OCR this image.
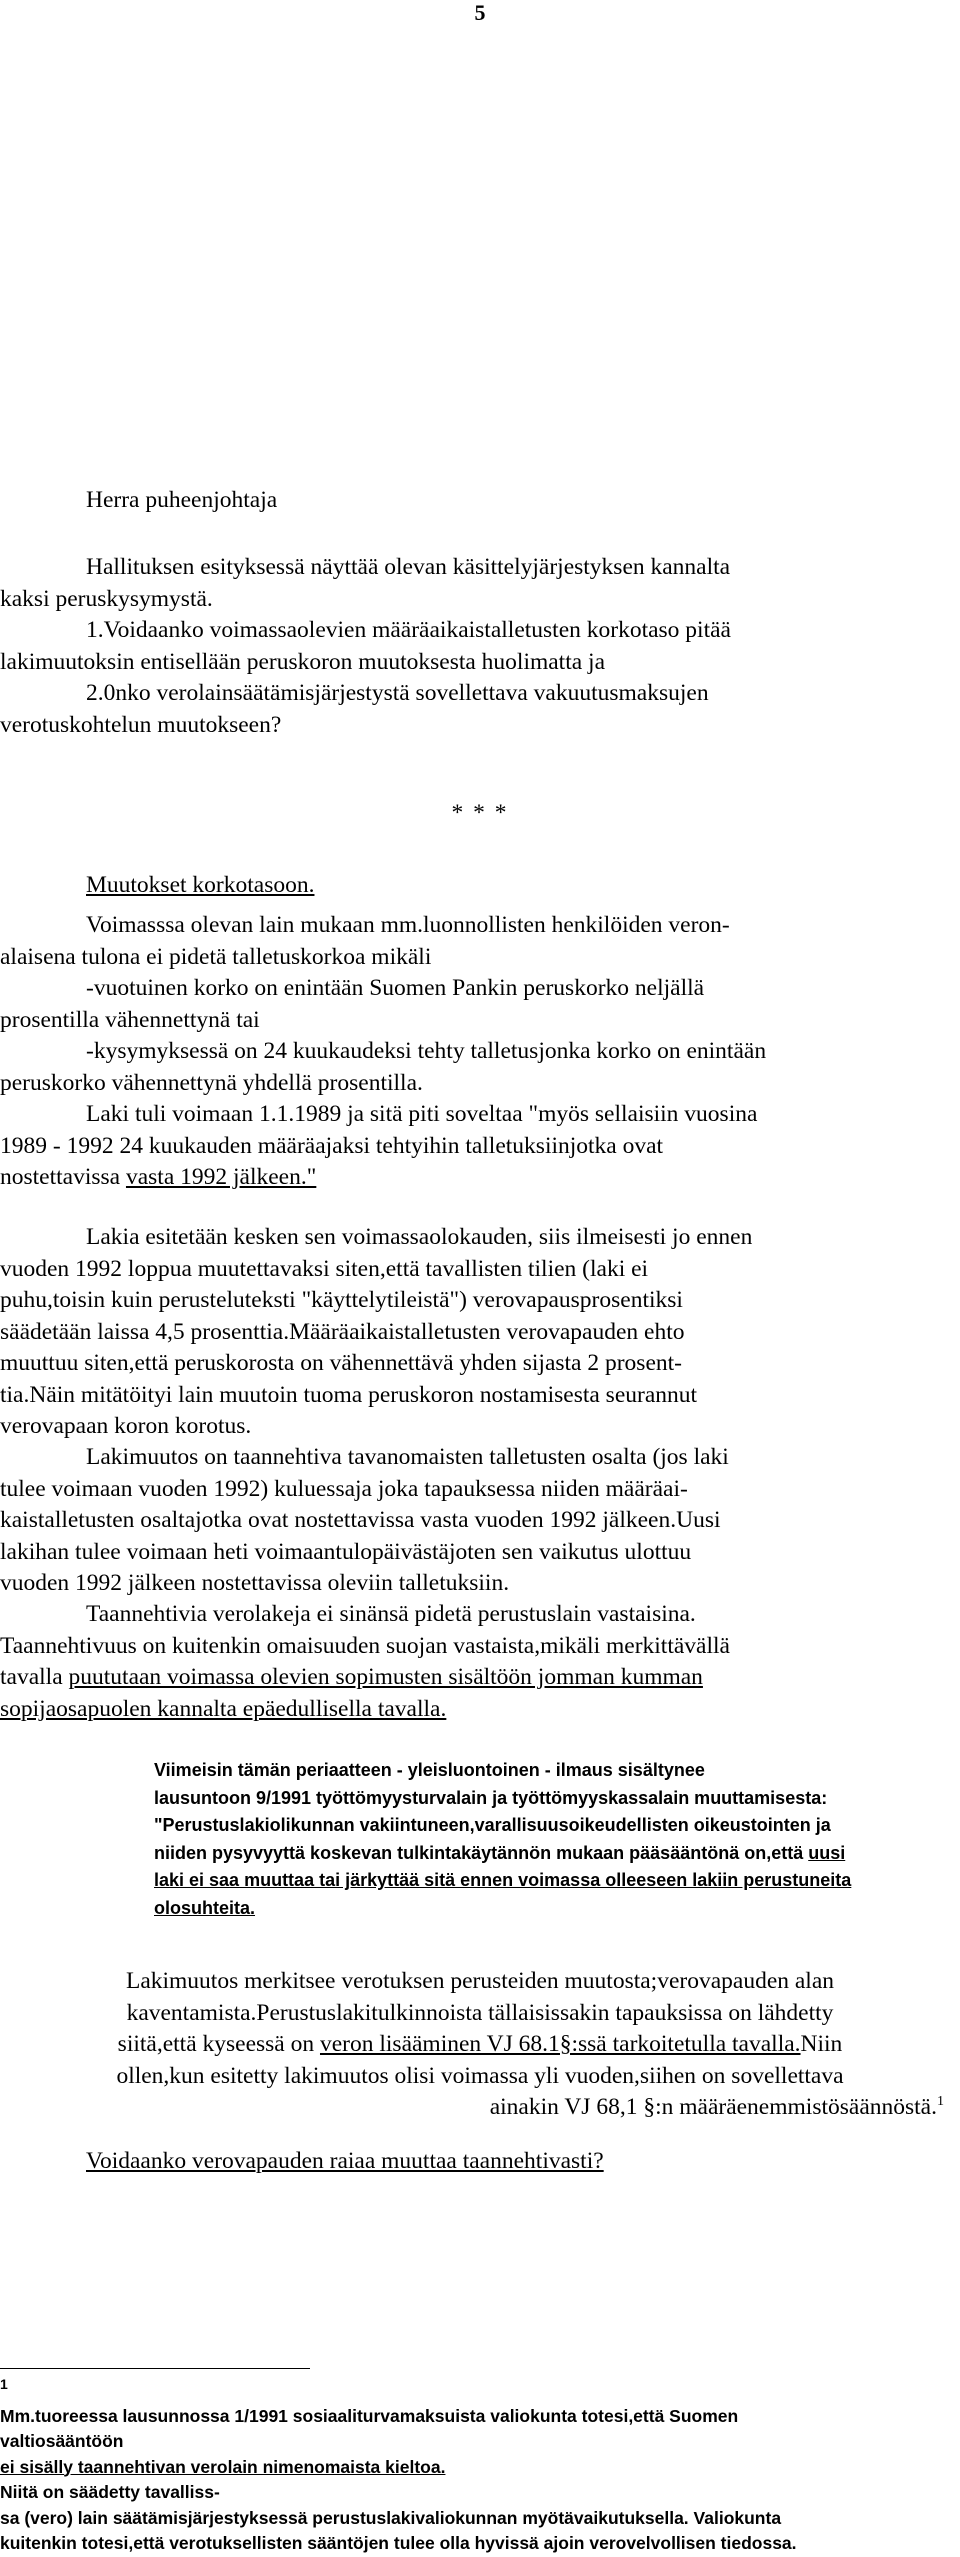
5
Herra puheenjohtaja
Hallituksen esityksessä näyttää olevan käsittelyjärjestyksen kannalta
kaksi peruskysymystä.
1.Voidaanko voimassaolevien määräaikaistalletusten korkotaso pitää
lakimuutoksin entisellään peruskoron muutoksesta huolimatta ja
2.0nko verolainsäätämisjärjestystä sovellettava vakuutusmaksujen
verotuskohtelun muutokseen?
* * *
Muutokset korkotasoon.
Voimasssa olevan lain mukaan mm.luonnollisten henkilöiden veron-
alaisena tulona ei pidetä talletuskorkoa mikäli
-vuotuinen korko on enintään Suomen Pankin peruskorko neljällä
prosentilla vähennettynä tai
-kysymyksessä on 24 kuukaudeksi tehty talletusjonka korko on enintään
peruskorko vähennettynä yhdellä prosentilla.
Laki tuli voimaan 1.1.1989 ja sitä piti soveltaa "myös sellaisiin vuosina
1989 - 1992 24 kuukauden määräajaksi tehtyihin talletuksiinjotka ovat
nostettavissa vasta 1992 jälkeen."
Lakia esitetään kesken sen voimassaolokauden, siis ilmeisesti jo ennen
vuoden 1992 loppua muutettavaksi siten,että tavallisten tilien (laki ei
puhu,toisin kuin perusteluteksti "käyttelytileistä") verovapausprosentiksi
säädetään laissa 4,5 prosenttia.Määräaikaistalletusten verovapauden ehto
muuttuu siten,että peruskorosta on vähennettävä yhden sijasta 2 prosent-
tia.Näin mitätöityi lain muutoin tuoma peruskoron nostamisesta seurannut
verovapaan koron korotus.
Lakimuutos on taannehtiva tavanomaisten talletusten osalta (jos laki
tulee voimaan vuoden 1992) kuluessaja joka tapauksessa niiden määräai-
kaistalletusten osaltajotka ovat nostettavissa vasta vuoden 1992 jälkeen.Uusi
lakihan tulee voimaan heti voimaantulopäivästäjoten sen vaikutus ulottuu
vuoden 1992 jälkeen nostettavissa oleviin talletuksiin.
Taannehtivia verolakeja ei sinänsä pidetä perustuslain vastaisina.
Taannehtivuus on kuitenkin omaisuuden suojan vastaista,mikäli merkittävällä
tavalla puututaan voimassa olevien sopimusten sisältöön jomman kumman
sopijaosapuolen kannalta epäedullisella tavalla.
Viimeisin tämän periaatteen - yleisluontoinen - ilmaus sisältynee
lausuntoon 9/1991 työttömyysturvalain ja työttömyyskassalain muuttamisesta:
"Perustuslakiolikunnan vakiintuneen,varallisuusoikeudellisten oikeustointen ja
niiden pysyvyyttä koskevan tulkintakäytännön mukaan pääsääntönä on,että uusi
laki ei saa muuttaa tai järkyttää sitä ennen voimassa olleeseen lakiin perustuneita
olosuhteita.
Lakimuutos merkitsee verotuksen perusteiden muutosta;verovapauden alan
kaventamista.Perustuslakitulkinnoista tällaisissakin tapauksissa on lähdetty
siitä,että kyseessä on veron lisääminen VJ 68.1§:ssä tarkoitetulla tavalla.Niin
ollen,kun esitetty lakimuutos olisi voimassa yli vuoden,siihen on sovellettava
ainakin VJ 68,1 §:n määräenemmistösäännöstä.$^1$
Voidaanko verovapauden raiaa muuttaa taannehtivasti?
$^1$
Mm.tuoreessa lausunnossa 1/1991 sosiaaliturvamaksuista valiokunta totesi,että Suomen
valtiosääntöön
ei sisälly taannehtivan verolain nimenomaista kieltoa.
Niitä on säädetty tavalliss-
sa (vero) lain säätämisjärjestyksessä perustuslakivaliokunnan myötävaikutuksella. Valiokunta
kuitenkin totesi,että verotuksellisten sääntöjen tulee olla hyvissä ajoin verovelvollisen tiedossa.
